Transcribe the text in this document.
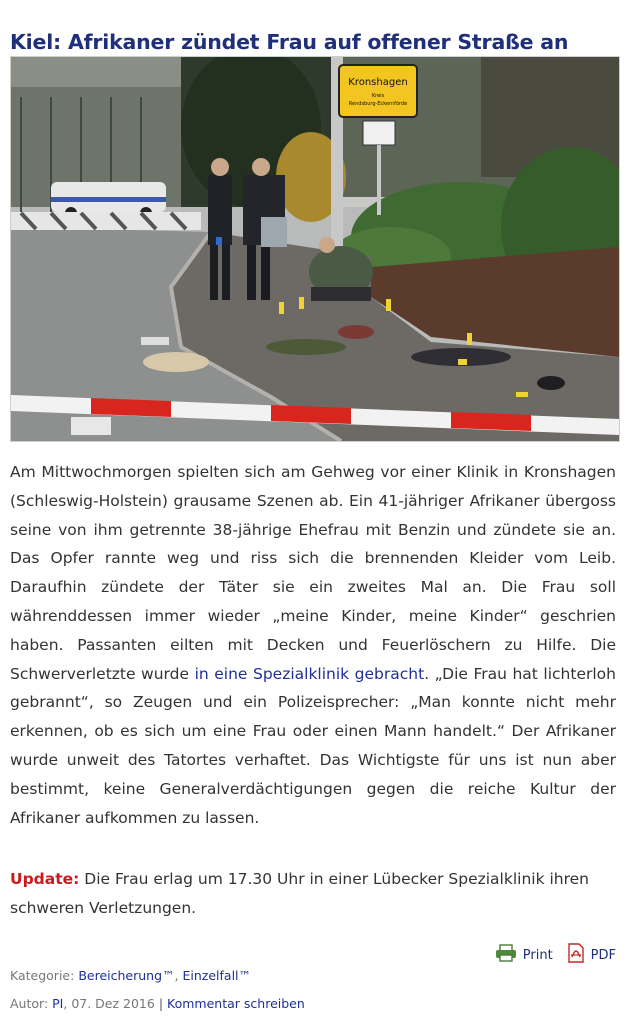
Kiel: Afrikaner zündet Frau auf offener Straße an
Kronshagen
Kreis
Rendsburg-Eckernförde
Am Mittwochmorgen spielten sich am Gehweg vor einer Klinik in Kronshagen (Schleswig-Holstein) grausame Szenen ab. Ein 41-jähriger Afrikaner übergoss seine von ihm getrennte 38-jährige Ehefrau mit Benzin und zündete sie an. Das Opfer rannte weg und riss sich die brennenden Kleider vom Leib. Daraufhin zündete der Täter sie ein zweites Mal an. Die Frau soll währenddessen immer wieder „meine Kinder, meine Kinder“ geschrien haben. Passanten eilten mit Decken und Feuerlöschern zu Hilfe. Die Schwerverletzte wurde in eine Spezialklinik gebracht. „Die Frau hat lichterloh gebrannt“, so Zeugen und ein Polizeisprecher: „Man konnte nicht mehr erkennen, ob es sich um eine Frau oder einen Mann handelt.“ Der Afrikaner wurde unweit des Tatortes verhaftet. Das Wichtigste für uns ist nun aber bestimmt, keine Generalverdächtigungen gegen die reiche Kultur der Afrikaner aufkommen zu lassen.
Update: Die Frau erlag um 17.30 Uhr in einer Lübecker Spezialklinik ihren schweren Verletzungen.
Print	PDF
Kategorie: Bereicherung™, Einzelfall™
Autor: PI, 07. Dez 2016 | Kommentar schreiben
